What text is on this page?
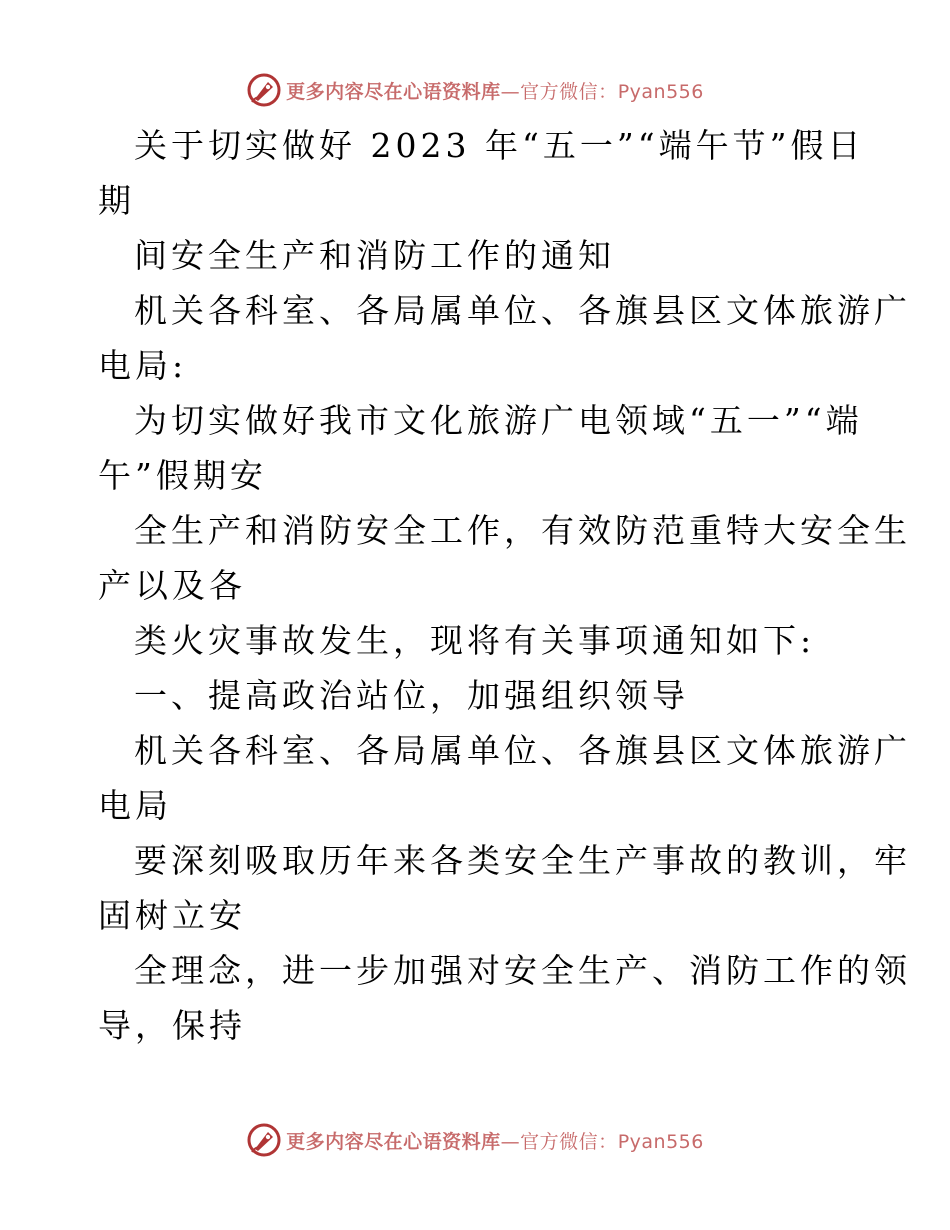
更多内容尽在心语资料库—官方微信：Pyan556
关于切实做好 2023 年“五一”“端午节”假日
期
间安全生产和消防工作的通知
机关各科室、各局属单位、各旗县区文体旅游广
电局:
为切实做好我市文化旅游广电领域“五一”“端
午”假期安
全生产和消防安全工作，有效防范重特大安全生
产以及各
类火灾事故发生，现将有关事项通知如下:
一、提高政治站位，加强组织领导
机关各科室、各局属单位、各旗县区文体旅游广
电局
要深刻吸取历年来各类安全生产事故的教训，牢
固树立安
全理念，进一步加强对安全生产、消防工作的领
导，保持
更多内容尽在心语资料库—官方微信：Pyan556
